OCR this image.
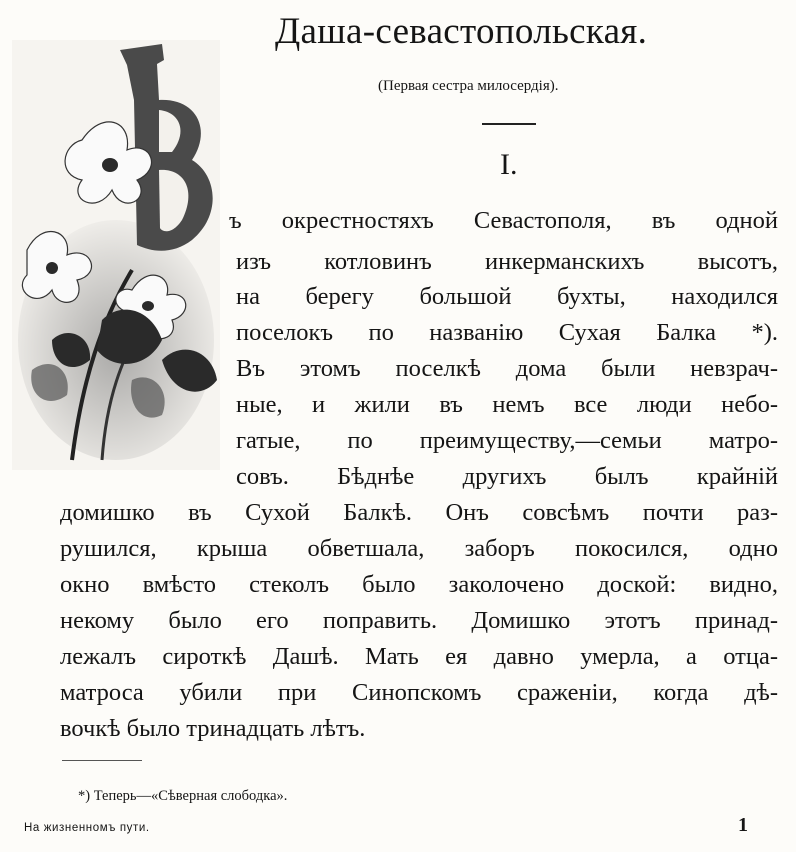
Даша-севастопольская.
(Первая сестра милосердія).
I.
ъ окрестностяхъ Севастополя, въ одной
изъ котловинъ инкерманскихъ высотъ,
на берегу большой бухты, находился
поселокъ по названію Сухая Балка *).
Въ этомъ поселкѣ дома были невзрач-
ные, и жили въ немъ все люди небо-
гатые, по преимуществу,—семьи матро-
совъ. Бѣднѣе другихъ былъ крайній
домишко въ Сухой Балкѣ. Онъ совсѣмъ почти раз-
рушился, крыша обветшала, заборъ покосился, одно
окно вмѣсто стеколъ было заколочено доской: видно,
некому было его поправить. Домишко этотъ принад-
лежалъ сироткѣ Дашѣ. Мать ея давно умерла, а отца-
матроса убили при Синопскомъ сраженіи, когда дѣ-
вочкѣ было тринадцать лѣтъ.
*) Теперь—«Сѣверная слободка».
На жизненномъ пути.	1
